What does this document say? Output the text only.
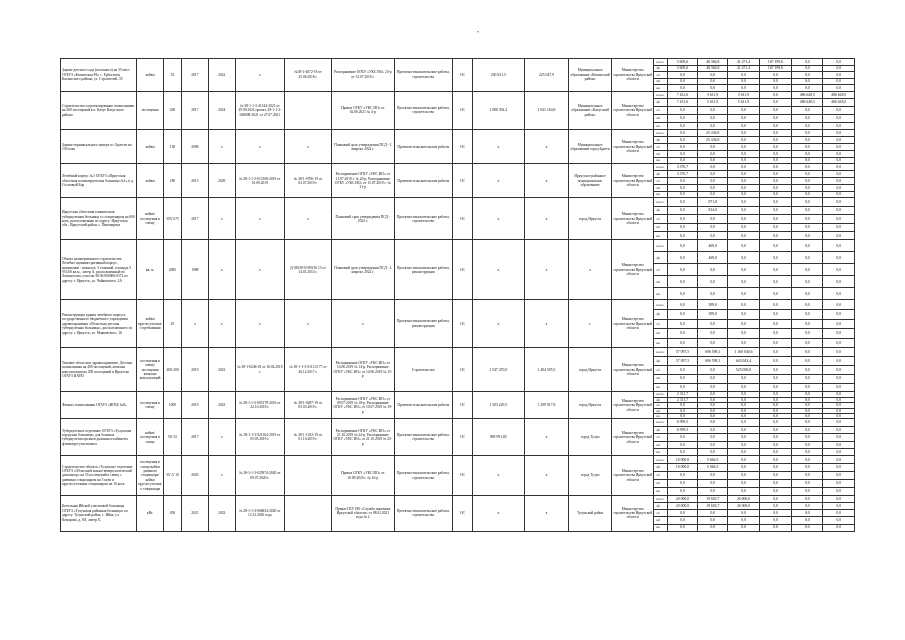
•
Здание детского сада (ясельного) на 35 мест ОГБУЗ «Катангская РБ» с. Ербогачен, Катангского района, ул. Строителей, 35	койки	35	2017	2022	х	№38-1-4072-18 от 25.06.2018 г.	Распоряжение ОГКУ «УКС ИО» 23-р от 12.07.2018 г.	Проектно-изыскательские работы, строительство	ОС	230 631,5	225 047,9	Муниципальное образование «Катангский район»	Министерство строительства Иркутской области	всего	3 609,6	48 366,8	41 471,4	167 199,6	0,0	0,0
														фб	3 609,6	48 366,8	41 471,4	167 199,6	0,0	0,0
														об	0,0	0,0	0,0	0,0	0,0	0,0
														мб	0,0	0,0	0,0	0,0	0,0	0,0
														ин	0,0	0,0	0,0	0,0	0,0	0,0
Строительство и проектирование поликлиники на 200 посещений в п. Качуг Качугского района	посещения	200	2017	2024	№ 38-1-1-3-41344-2021 от 29.09.2021 проект, 38-1-1-2-048008-2021 от 27.07.2021		Приказ ОГКУ «УКС ИО» от 02.06.2021 № 4-р	Проектно-изыскательские работы, строительство	ОС	1 088 392,2	1 041 164,8	Муниципальное образование «Качугский район»	Министерство строительства Иркутской области	всего	7 431,6	5 611,9	5 611,9	0,0	486 648,5	486 648,5
														фб	7 431,6	5 611,9	5 611,9	0,0	486 648,5	486 648,5
														об	0,0	0,0	0,0	0,0	0,0	0,0
														мб	0,0	0,0	0,0	0,0	0,0	0,0
														ин	0,0	0,0	0,0	0,0	0,0	0,0
Здание перинатального центра в г. Братске на 130 коек	койки	130	2008	х	х	х	Плановый срок утверждения ПСД - 2 квартал 2022 г.	Проектно-изыскательские работы	ОС	х	х	Муниципальное образование город Братск	Министерство строительства Иркутской области	всего	0,0	25 436,8	0,0	0,0	0,0	0,0
														фб	0,0	25 436,8	0,0	0,0	0,0	0,0
														об	0,0	0,0	0,0	0,0	0,0	0,0
														мб	0,0	0,0	0,0	0,0	0,0	0,0
														ин	0,0	0,0	0,0	0,0	0,0	0,0
Лечебный корпус №1 ОГБУЗ «Иркутская областная психиатрическая больница №1» в д. Сосновый Бор	койки	180	2013	2029	№ 38-1-1-3-013168-2019 от 01.09.2019	№ 38-1-0706-19 от 02.07.2019 г.	Распоряжение ОГКУ «УКС ИО» от 11.07.2019 г. № 20-р, Распоряжение ОГКУ «УКС ИО» от 15.07.2019 г. № 21-р	Проектно-изыскательские работы	ОС	х	х	Иркутское районное муниципальное образование	Министерство строительства Иркутской области	всего	3 376,7	0,0	0,0	0,0	0,0	0,0
														фб	3 376,7	0,0	0,0	0,0	0,0	0,0
														об	0,0	0,0	0,0	0,0	0,0	0,0
														мб	0,0	0,0	0,0	0,0	0,0	0,0
														ин	0,0	0,0	0,0	0,0	0,0	0,0
Иркутская областная клиническая туберкулезная больница со стационаром на 600 коек, расположенная по адресу: Иркутская обл., Иркутский район, с. Пивовариха	койки/ посещения в смену	393/ 675	2017	х	х	х	Плановый срок утверждения ПСД - 2022 г.	Проектно-изыскательские работы, строительство	ОС	х	х	город Иркутск	Министерство строительства Иркутской области	всего	0,0	871,8	0,0	0,0	0,0	0,0
														фб	0,0	814,0	0,0	0,0	0,0	0,0
														об	0,0	0,0	0,0	0,0	0,0	0,0
														мб	0,0	0,0	0,0	0,0	0,0	0,0
														ин	0,0	0,0	0,0	0,0	0,0	0,0
Объект незавершенного строительства Лечебно-административный корпус, назначение - нежилое, 3 этажный, площадь 5 953,60 кв.м., литер А, расположенный по Ломоносова, участок 38:36:000000:0373 по адресу: г. Иркутск, ул. Чайковского, 2А	кв. м.	2085	1988	х	х	Д-03030-ОЭ00/10.13 от 14.01.2014 г.	Плановый срок утверждения ПСД - 4 квартал 2022 г.	Проектно-изыскательские работы, реконструкция	ОС	х	х	х	Министерство строительства Иркутской области	всего	0,0	469,0	0,0	0,0	0,0	0,0
														фб	0,0	469,0	0,0	0,0	0,0	0,0
														об	0,0	0,0	0,0	0,0	0,0	0,0
														мб	0,0	0,0	0,0	0,0	0,0	0,0
														ин	0,0	0,0	0,0	0,0	0,0	0,0
Реконструкция здания лечебного корпуса государственного бюджетного учреждения здравоохранения «Областная детская туберкулезная больница», расположенного по адресу: г. Иркутск, ул. Маяковского, 16	койки круглосуточного пребывания	45	х	х	х	х	х	Проектно-изыскательские работы, реконструкция	ОС	х	х	г.	Министерство строительства Иркутской области	всего	0,0	399,0	0,0	0,0	0,0	0,0
														фб	0,0	399,0	0,0	0,0	0,0	0,0
														об	0,0	0,0	0,0	0,0	0,0	0,0
														мб	0,0	0,0	0,0	0,0	0,0	0,0
														ин	0,0	0,0	0,0	0,0	0,0	0,0
Типовое областное здравоохранение. Детская поликлиника на 400 посещений, женская консультация на 200 посещений в Иркутске ОГАУЗ ИАПО	посещения в смену/ посещения женских консультаций	400/ 200	2019	2022	№ 38-1-0246-18 от 16.04.2018 г.	№ 38-1-1-3-011113-77 от 26.12.2017 г.	Распоряжение ОГКУ «УКС ИО» от 14.06.2019 № 14-р, Распоряжение ОГКУ «УКС ИО» от 14.06.2019 № 15-р	Строительство	ОС	1 547 470,0	1 404 595,5	город Иркутск	Министерство строительства Иркутской области	всего	57 097,5	696 598,1	1 168 040,6	0,0	0,0	0,0
														фб	57 097,5	696 598,1	643 043,4	0,0	0,0	0,0
														об	0,0	0,0	525 000,0	0,0	0,0	0,0
														мб	0,0	0,0	0,0	0,0	0,0	0,0
														ин	0,0	0,0	0,0	0,0	0,0	0,0
Филиал поликлиники ОГАУЗ «ИГКБ №8»	посещения в смену	1000	2019	2023	№ 38-1-1-3-005178-2016 от 22.10.2018 г.	№ 38-1-0287-19 от 05.03.2019 г.	Распоряжение ОГКУ «УКС ИО» от 09.07.2019 № 18-р, Распоряжение ОГКУ «УКС ИО» от 10.07.2019 № 19-р	Проектно-изыскательские работы	ОС	1 303 229,5	1 299 917,8	город Иркутск	Министерство строительства Иркутской области	всего	2 311,7	0,0	0,0	0,0	0,0	0,0
														фб	2 311,7	0,0	0,0	0,0	0,0	0,0
														об	0,0	0,0	0,0	0,0	0,0	0,0
														мб	0,0	0,0	0,0	0,0	0,0	0,0
														ин	0,0	0,0	0,0	0,0	0,0	0,0
Туберкулезное отделение ОГБУЗ «Тулунская городская больница» для больных туберкулезом органов дыхания и кабинеты фтизиатра-участкового	койки/ посещения в смену	50/ 25	2017	х	№ 38-1-1-3-021164-2019 от 05.05.2019 г.	№ 38-1-1012-19 от 01.10.2019 г.	Распоряжение ОГКУ «УКС ИО» от 21.10.2019 № 24-р, Распоряжение ОГКУ «УКС ИО» от 21.10.2019 № 25-р	Проектно-изыскательские работы, строительство	ОС	969 991,85	х	город Тулун	Министерство строительства Иркутской области	всего	6 999,5	0,0	0,0	0,0	0,0	0,0
														фб	6 999,5	0,0	0,0	0,0	0,0	0,0
														об	0,0	0,0	0,0	0,0	0,0	0,0
														мб	0,0	0,0	0,0	0,0	0,0	0,0
														ин	0,0	0,0	0,0	0,0	0,0	0,0
Строительство объекта «Тулунское отделение ОГБУЗ «Областной кожно-венерологический диспансер» на 35 посещений в смену с дневным стационаром на 5 коек и круглосуточным стационаром на 10 коек	посещения в смену/койки дневного стационара/ койки круглосуточного стационара	35/ 5/ 10	2020	х	№ 38-1-1-3-025874-2020 от 09.07.2020 г.		Приказ ОГКУ «УКС ИО» от 10.09.2020 г. № 16-р	Проектно-изыскательские работы, строительство	ОС	х	х	город Тулун	Министерство строительства Иркутской области	всего	10 000,0	5 664,5	0,0	0,0	0,0	0,0
														фб	10 000,0	5 664,5	0,0	0,0	0,0	0,0
														об	0,0	0,0	0,0	0,0	0,0	0,0
														мб	0,0	0,0	0,0	0,0	0,0	0,0
														ин	0,0	0,0	0,0	0,0	0,0	0,0
Котельная Ийской участковой больницы ОГБУЗ «Тулунская районная больница» по адресу: Тулунский район, с. Ийка, ул. Комарова, д. 8Л, литер Х.	кВт.	450	2021	2022	№ 38-1-1-3-066834-2020 от 12.12.2020 года		Приказ ГКУ ИО «Служба заказчика Иркутской области» от 08.02.2021 года № 2	Проектно-изыскательские работы, строительство	ОС	х	х	Тулунский район	Министерство строительства Иркутской области	всего	20 000,0	19 603,7	26 000,0	0,0	0,0	0,0
														фб	20 000,0	19 603,7	26 000,0	0,0	0,0	0,0
														об	0,0	0,0	0,0	0,0	0,0	0,0
														мб	0,0	0,0	0,0	0,0	0,0	0,0
														ин	0,0	0,0	0,0	0,0	0,0	0,0
